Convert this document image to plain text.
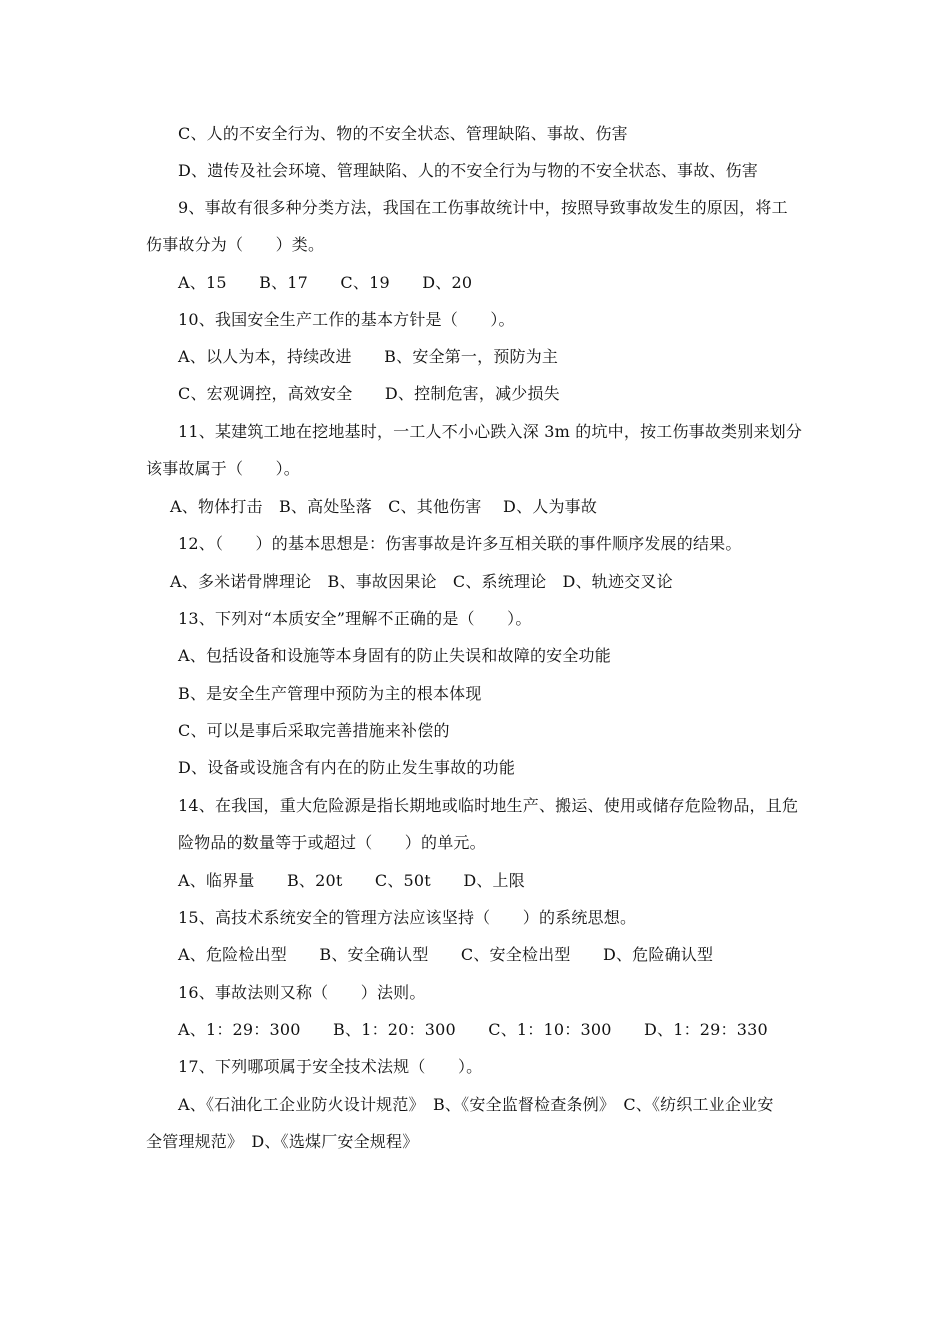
C、人的不安全行为、物的不安全状态、管理缺陷、事故、伤害
D、遗传及社会环境、管理缺陷、人的不安全行为与物的不安全状态、事故、伤害
9、事故有很多种分类方法，我国在工伤事故统计中，按照导致事故发生的原因，将工
伤事故分为（　　）类。
A、15　　B、17　　C、19　　D、20
10、我国安全生产工作的基本方针是（　　）。
A、以人为本，持续改进　　B、安全第一，预防为主
C、宏观调控，高效安全　　D、控制危害，减少损失
11、某建筑工地在挖地基时，一工人不小心跌入深 3m 的坑中，按工伤事故类别来划分
该事故属于（　　）。
A、物体打击　B、高处坠落　C、其他伤害　 D、人为事故
12、（　　）的基本思想是：伤害事故是许多互相关联的事件顺序发展的结果。
A、多米诺骨牌理论　B、事故因果论　C、系统理论　D、轨迹交叉论
13、下列对“本质安全”理解不正确的是（　　）。
A、包括设备和设施等本身固有的防止失误和故障的安全功能
B、是安全生产管理中预防为主的根本体现
C、可以是事后采取完善措施来补偿的
D、设备或设施含有内在的防止发生事故的功能
14、在我国，重大危险源是指长期地或临时地生产、搬运、使用或储存危险物品，且危
险物品的数量等于或超过（　　）的单元。
A、临界量　　B、20t　　C、50t　　D、上限
15、高技术系统安全的管理方法应该坚持（　　）的系统思想。
A、危险检出型　　B、安全确认型　　C、安全检出型　　D、危险确认型
16、事故法则又称（　　）法则。
A、1：29：300　　B、1：20：300　　C、1：10：300　　D、1：29：330
17、下列哪项属于安全技术法规（　　）。
A、《石油化工企业防火设计规范》　B、《安全监督检查条例》　C、《纺织工业企业安
全管理规范》　D、《选煤厂安全规程》
